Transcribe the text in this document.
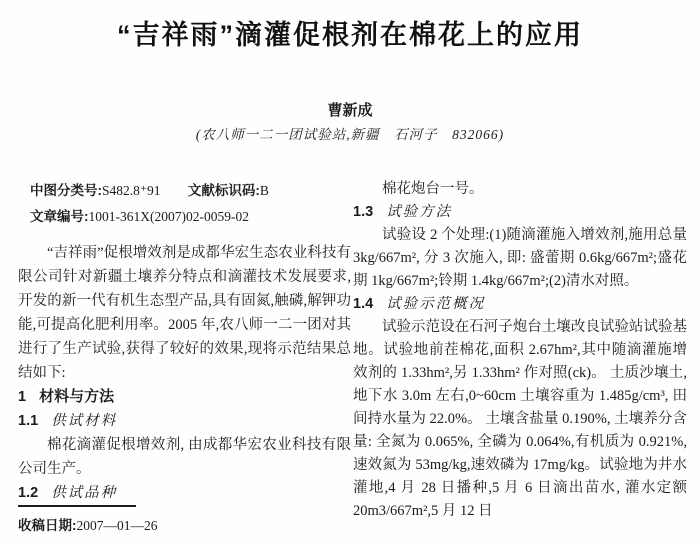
“吉祥雨”滴灌促根剂在棉花上的应用
曹新成
(农八师一二一团试验站,新疆　石河子　832066)
中图分类号:S482.8⁺91 文献标识码:B
文章编号:1001-361X(2007)02-0059-02

“吉祥雨”促根增效剂是成都华宏生态农业科技有限公司针对新疆土壤养分特点和滴灌技术发展要求,开发的新一代有机生态型产品,具有固氮,触磷,解钾功能,可提高化肥利用率。2005 年,农八师一二一团对其进行了生产试验,获得了较好的效果,现将示范结果总结如下:

1 材料与方法
1.1 供试材料

棉花滴灌促根增效剂, 由成都华宏农业科技有限公司生产。

1.2 供试品种
收稿日期:2007—01—26

棉花炮台一号。

1.3 试验方法

试验设 2 个处理:(1)随滴灌施入增效剂,施用总量 3kg/667m², 分 3 次施入, 即: 盛蕾期 0.6kg/667m²;盛花期 1kg/667m²;铃期 1.4kg/667m²;(2)清水对照。

1.4 试验示范概况

试验示范设在石河子炮台土壤改良试验站试验基地。试验地前茬棉花,面积 2.67hm²,其中随滴灌施增效剂的 1.33hm²,另 1.33hm² 作对照(ck)。 土质沙壤土, 地下水 3.0m 左右,0~60cm 土壤容重为 1.485g/cm³, 田间持水量为 22.0%。 土壤含盐量 0.190%, 土壤养分含量: 全氮为 0.065%, 全磷为 0.064%,有机质为 0.921%,速效氮为 53mg/kg,速效磷为 17mg/kg。试验地为井水灌地,4 月 28 日播种,5 月 6 日滴出苗水, 灌水定额 20m3/667m²,5 月 12 日
